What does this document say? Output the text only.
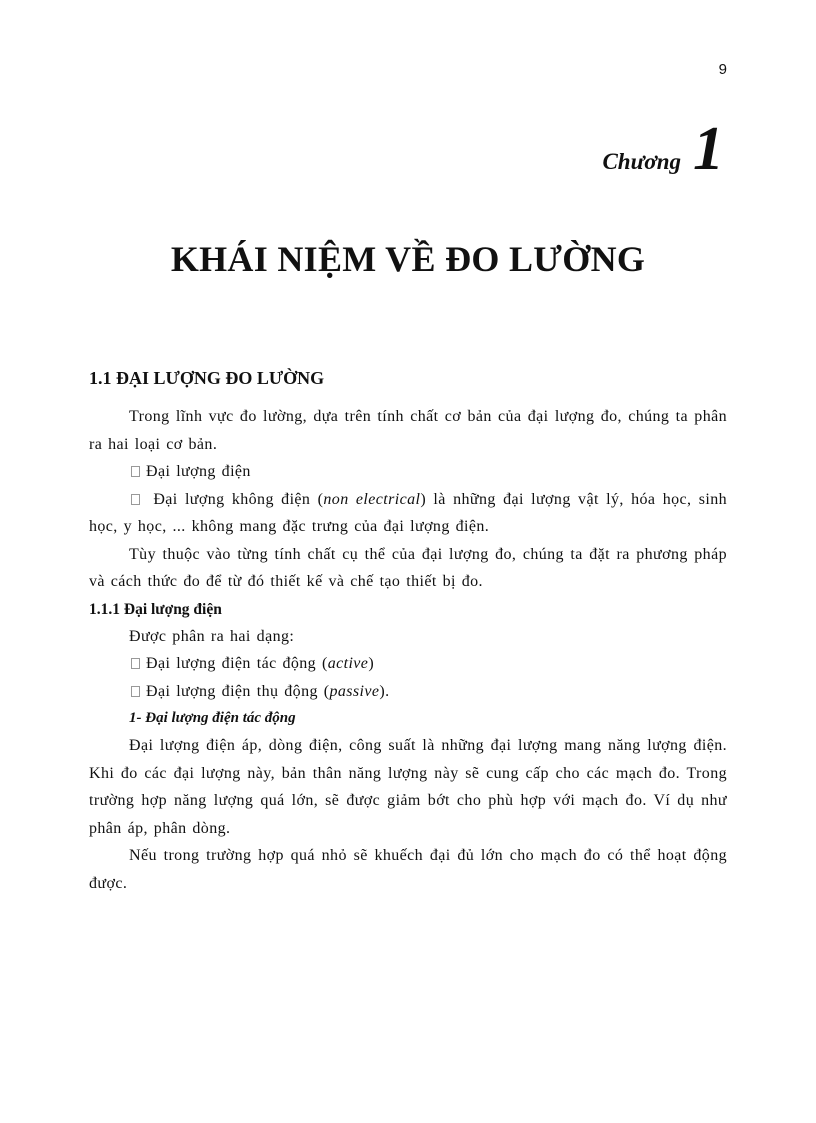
9
Chương 1
KHÁI NIỆM VỀ ĐO LƯỜNG
1.1 ĐẠI LƯỢNG ĐO LƯỜNG

Trong lĩnh vực đo lường, dựa trên tính chất cơ bản của đại lượng đo, chúng ta phân ra hai loại cơ bản.

Đại lượng điện
Đại lượng không điện (non electrical) là những đại lượng vật lý, hóa học, sinh học, y học, ... không mang đặc trưng của đại lượng điện.

Tùy thuộc vào từng tính chất cụ thể của đại lượng đo, chúng ta đặt ra phương pháp và cách thức đo để từ đó thiết kế và chế tạo thiết bị đo.

1.1.1 Đại lượng điện

Được phân ra hai dạng:

Đại lượng điện tác động (active)
Đại lượng điện thụ động (passive).
1- Đại lượng điện tác động

Đại lượng điện áp, dòng điện, công suất là những đại lượng mang năng lượng điện. Khi đo các đại lượng này, bản thân năng lượng này sẽ cung cấp cho các mạch đo. Trong trường hợp năng lượng quá lớn, sẽ được giảm bớt cho phù hợp với mạch đo. Ví dụ như phân áp, phân dòng.

Nếu trong trường hợp quá nhỏ sẽ khuếch đại đủ lớn cho mạch đo có thể hoạt động được.
